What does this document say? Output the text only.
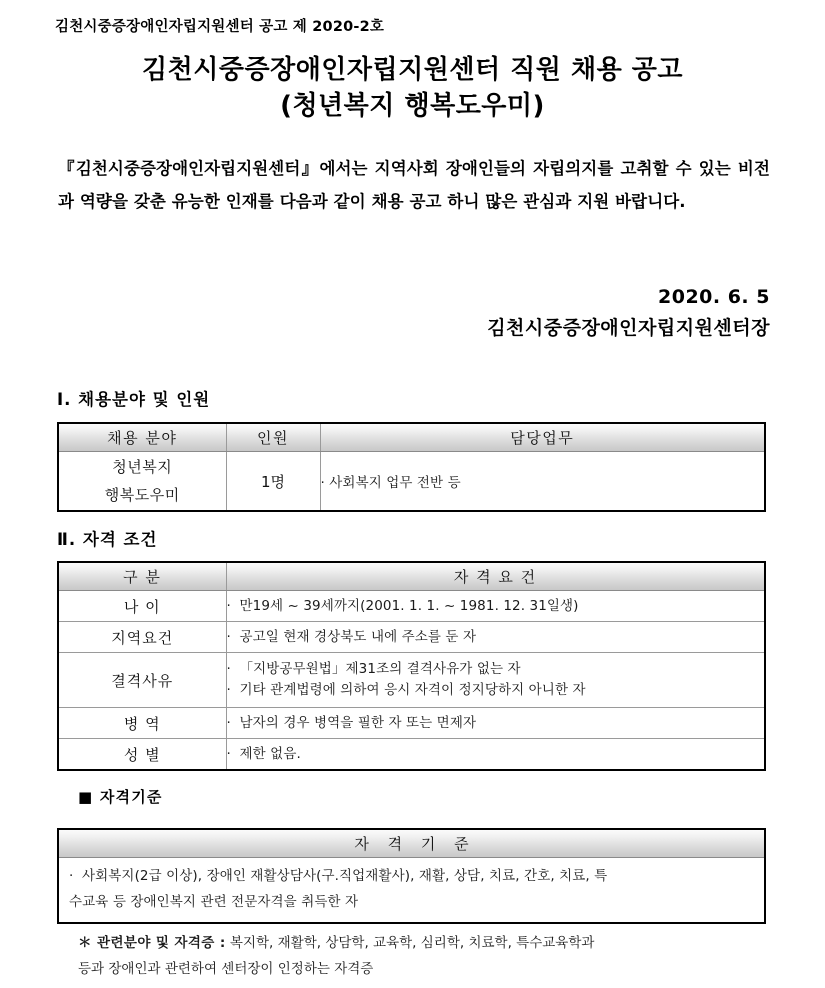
김천시중증장애인자립지원센터 공고 제 2020-2호
김천시중증장애인자립지원센터 직원 채용 공고
(청년복지 행복도우미)
『김천시중증장애인자립지원센터』에서는 지역사회 장애인들의 자립의지를 고취할 수 있는 비전과 역량을 갖춘 유능한 인재를 다음과 같이 채용 공고 하니 많은 관심과 지원 바랍니다.
2020. 6. 5
김천시중증장애인자립지원센터장
Ⅰ. 채용분야 및 인원
채용 분야	인원	담당업무
청년복지
행복도우미	1명	· 사회복지 업무 전반 등
Ⅱ. 자격 조건
구 분	자 격 요 건
나 이	· 만19세 ~ 39세까지(2001. 1. 1. ~ 1981. 12. 31일생)

지역요건	· 공고일 현재 경상북도 내에 주소를 둔 자

결격사유	· 「지방공무원법」제31조의 결격사유가 없는 자
· 기타 관계법령에 의하여 응시 자격이 정지당하지 아니한 자

병 역	· 남자의 경우 병역을 필한 자 또는 면제자

성 별	· 제한 없음.
■ 자격기준
자 격 기 준

· 사회복지(2급 이상), 장애인 재활상담사(구.직업재활사), 재활, 상담, 치료, 간호, 치료, 특
수교육 등 장애인복지 관련 전문자격을 취득한 자
＊ 관련분야 및 자격증 : 복지학, 재활학, 상담학, 교육학, 심리학, 치료학, 특수교육학과
등과 장애인과 관련하여 센터장이 인정하는 자격증
